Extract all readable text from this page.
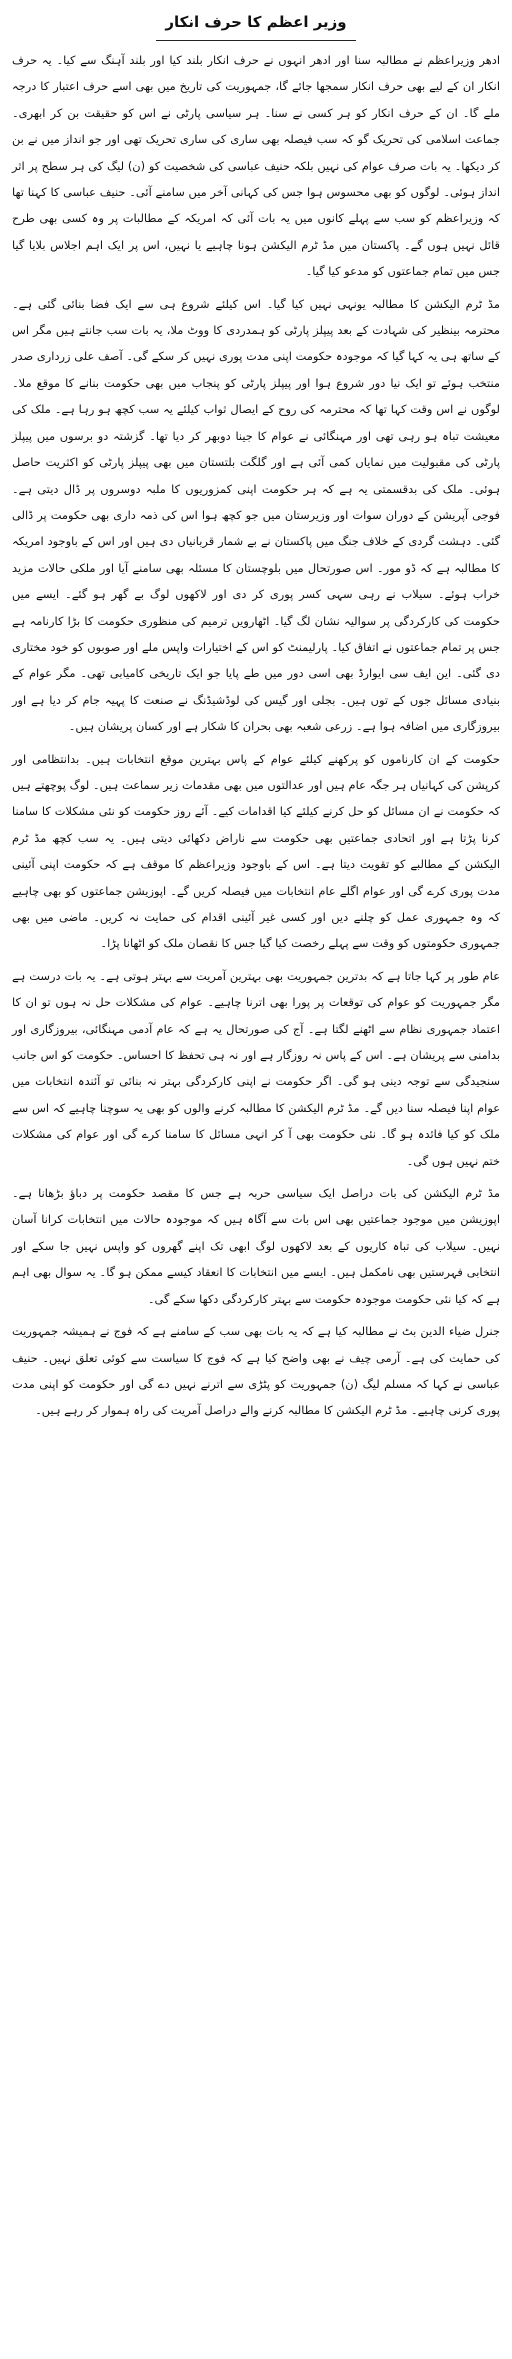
وزیر اعظم کا حرف انکار

ادھر وزیراعظم نے مطالبہ سنا اور ادھر انہوں نے حرف انکار بلند کیا اور بلند آہنگ سے کیا۔ یہ حرف انکار ان کے لیے بھی حرف انکار سمجھا جائے گا، جمہوریت کی تاریخ میں بھی اسے حرف اعتبار کا درجہ ملے گا۔ ان کے حرف انکار کو ہر کسی نے سنا۔ ہر سیاسی پارٹی نے اس کو حقیقت بن کر ابھری۔ جماعت اسلامی کی تحریک گو کہ سب فیصلہ بھی ساری کی ساری تحریک تھی اور جو انداز میں نے بن کر دیکھا۔ یہ بات صرف عوام کی نہیں بلکہ حنیف عباسی کی شخصیت کو (ن) لیگ کی ہر سطح پر اثر انداز ہوئی۔ لوگوں کو بھی محسوس ہوا جس کی کہانی آخر میں سامنے آئی۔ حنیف عباسی کا کہنا تھا کہ وزیراعظم کو سب سے پہلے کانوں میں یہ بات آئی کہ امریکہ کے مطالبات پر وہ کسی بھی طرح قائل نہیں ہوں گے۔ پاکستان میں مڈ ٹرم الیکشن ہونا چاہیے یا نہیں، اس پر ایک اہم اجلاس بلایا گیا جس میں تمام جماعتوں کو مدعو کیا گیا۔

مڈ ٹرم الیکشن کا مطالبہ یونہی نہیں کیا گیا۔ اس کیلئے شروع ہی سے ایک فضا بنائی گئی ہے۔ محترمہ بینظیر کی شہادت کے بعد پیپلز پارٹی کو ہمدردی کا ووٹ ملا، یہ بات سب جانتے ہیں مگر اس کے ساتھ ہی یہ کہا گیا کہ موجودہ حکومت اپنی مدت پوری نہیں کر سکے گی۔ آصف علی زرداری صدر منتخب ہوئے تو ایک نیا دور شروع ہوا اور پیپلز پارٹی کو پنجاب میں بھی حکومت بنانے کا موقع ملا۔ لوگوں نے اس وقت کہا تھا کہ محترمہ کی روح کے ایصال ثواب کیلئے یہ سب کچھ ہو رہا ہے۔ ملک کی معیشت تباہ ہو رہی تھی اور مہنگائی نے عوام کا جینا دوبھر کر دیا تھا۔ گزشتہ دو برسوں میں پیپلز پارٹی کی مقبولیت میں نمایاں کمی آئی ہے اور گلگت بلتستان میں بھی پیپلز پارٹی کو اکثریت حاصل ہوئی۔ ملک کی بدقسمتی یہ ہے کہ ہر حکومت اپنی کمزوریوں کا ملبہ دوسروں پر ڈال دیتی ہے۔ فوجی آپریشن کے دوران سوات اور وزیرستان میں جو کچھ ہوا اس کی ذمہ داری بھی حکومت پر ڈالی گئی۔ دہشت گردی کے خلاف جنگ میں پاکستان نے بے شمار قربانیاں دی ہیں اور اس کے باوجود امریکہ کا مطالبہ ہے کہ ڈو مور۔ اس صورتحال میں بلوچستان کا مسئلہ بھی سامنے آیا اور ملکی حالات مزید خراب ہوئے۔ سیلاب نے رہی سہی کسر پوری کر دی اور لاکھوں لوگ بے گھر ہو گئے۔ ایسے میں حکومت کی کارکردگی پر سوالیہ نشان لگ گیا۔ اٹھارویں ترمیم کی منظوری حکومت کا بڑا کارنامہ ہے جس پر تمام جماعتوں نے اتفاق کیا۔ پارلیمنٹ کو اس کے اختیارات واپس ملے اور صوبوں کو خود مختاری دی گئی۔ این ایف سی ایوارڈ بھی اسی دور میں طے پایا جو ایک تاریخی کامیابی تھی۔ مگر عوام کے بنیادی مسائل جوں کے توں ہیں۔ بجلی اور گیس کی لوڈشیڈنگ نے صنعت کا پہیہ جام کر دیا ہے اور بیروزگاری میں اضافہ ہوا ہے۔ زرعی شعبہ بھی بحران کا شکار ہے اور کسان پریشان ہیں۔

حکومت کے ان کارناموں کو پرکھنے کیلئے عوام کے پاس بہترین موقع انتخابات ہیں۔ بدانتظامی اور کرپشن کی کہانیاں ہر جگہ عام ہیں اور عدالتوں میں بھی مقدمات زیر سماعت ہیں۔ لوگ پوچھتے ہیں کہ حکومت نے ان مسائل کو حل کرنے کیلئے کیا اقدامات کیے۔ آئے روز حکومت کو نئی مشکلات کا سامنا کرنا پڑتا ہے اور اتحادی جماعتیں بھی حکومت سے ناراض دکھائی دیتی ہیں۔ یہ سب کچھ مڈ ٹرم الیکشن کے مطالبے کو تقویت دیتا ہے۔ اس کے باوجود وزیراعظم کا موقف ہے کہ حکومت اپنی آئینی مدت پوری کرے گی اور عوام اگلے عام انتخابات میں فیصلہ کریں گے۔ اپوزیشن جماعتوں کو بھی چاہیے کہ وہ جمہوری عمل کو چلنے دیں اور کسی غیر آئینی اقدام کی حمایت نہ کریں۔ ماضی میں بھی جمہوری حکومتوں کو وقت سے پہلے رخصت کیا گیا جس کا نقصان ملک کو اٹھانا پڑا۔

عام طور پر کہا جاتا ہے کہ بدترین جمہوریت بھی بہترین آمریت سے بہتر ہوتی ہے۔ یہ بات درست ہے مگر جمہوریت کو عوام کی توقعات پر پورا بھی اترنا چاہیے۔ عوام کی مشکلات حل نہ ہوں تو ان کا اعتماد جمہوری نظام سے اٹھنے لگتا ہے۔ آج کی صورتحال یہ ہے کہ عام آدمی مہنگائی، بیروزگاری اور بدامنی سے پریشان ہے۔ اس کے پاس نہ روزگار ہے اور نہ ہی تحفظ کا احساس۔ حکومت کو اس جانب سنجیدگی سے توجہ دینی ہو گی۔ اگر حکومت نے اپنی کارکردگی بہتر نہ بنائی تو آئندہ انتخابات میں عوام اپنا فیصلہ سنا دیں گے۔ مڈ ٹرم الیکشن کا مطالبہ کرنے والوں کو بھی یہ سوچنا چاہیے کہ اس سے ملک کو کیا فائدہ ہو گا۔ نئی حکومت بھی آ کر انہی مسائل کا سامنا کرے گی اور عوام کی مشکلات ختم نہیں ہوں گی۔

مڈ ٹرم الیکشن کی بات دراصل ایک سیاسی حربہ ہے جس کا مقصد حکومت پر دباؤ بڑھانا ہے۔ اپوزیشن میں موجود جماعتیں بھی اس بات سے آگاہ ہیں کہ موجودہ حالات میں انتخابات کرانا آسان نہیں۔ سیلاب کی تباہ کاریوں کے بعد لاکھوں لوگ ابھی تک اپنے گھروں کو واپس نہیں جا سکے اور انتخابی فہرستیں بھی نامکمل ہیں۔ ایسے میں انتخابات کا انعقاد کیسے ممکن ہو گا۔ یہ سوال بھی اہم ہے کہ کیا نئی حکومت موجودہ حکومت سے بہتر کارکردگی دکھا سکے گی۔

جنرل ضیاء الدین بٹ نے مطالبہ کیا ہے کہ یہ بات بھی سب کے سامنے ہے کہ فوج نے ہمیشہ جمہوریت کی حمایت کی ہے۔ آرمی چیف نے بھی واضح کیا ہے کہ فوج کا سیاست سے کوئی تعلق نہیں۔ حنیف عباسی نے کہا کہ مسلم لیگ (ن) جمہوریت کو پٹڑی سے اترنے نہیں دے گی اور حکومت کو اپنی مدت پوری کرنی چاہیے۔ مڈ ٹرم الیکشن کا مطالبہ کرنے والے دراصل آمریت کی راہ ہموار کر رہے ہیں۔
